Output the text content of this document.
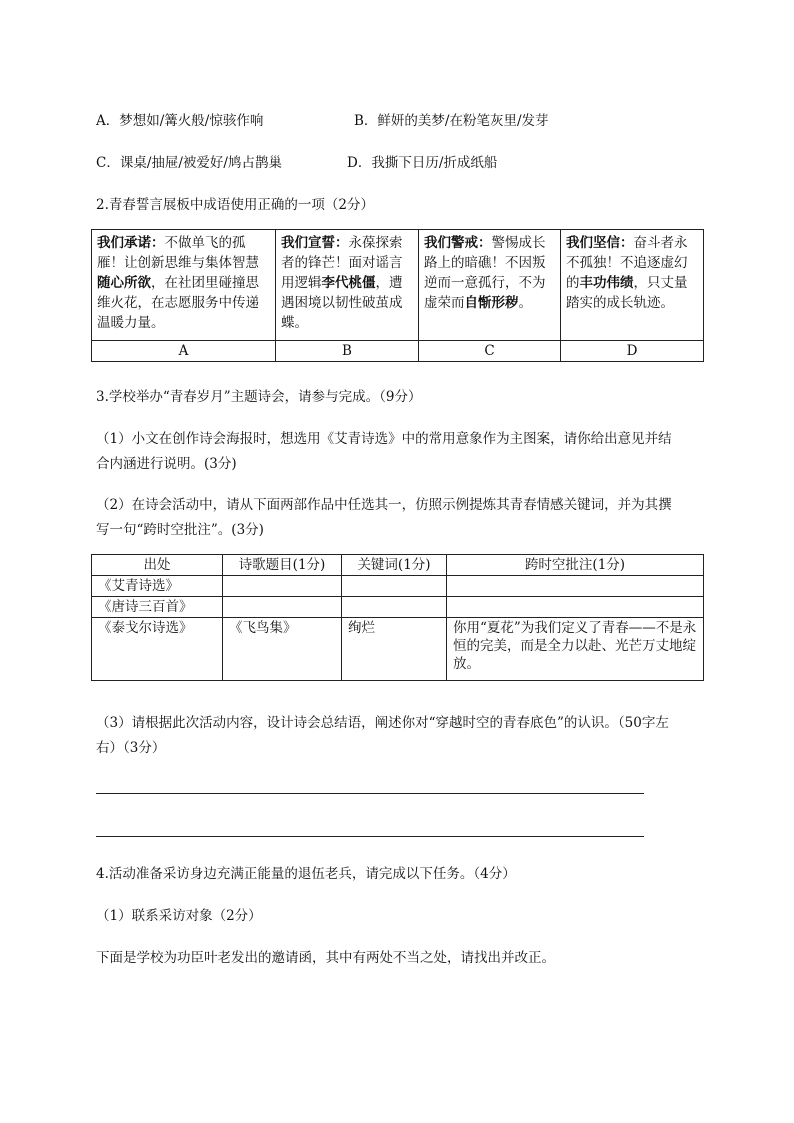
A．梦想如/篝火般/惊骇作响	B．鲜妍的美梦/在粉笔灰里/发芽
C．课桌/抽屉/被爱好/鸠占鹊巢	D．我撕下日历/折成纸船
2.青春誓言展板中成语使用正确的一项（2分）
我们承诺：不做单飞的孤雁！让创新思维与集体智慧随心所欲，在社团里碰撞思维火花，在志愿服务中传递温暖力量。	我们宣誓：永葆探索者的锋芒！面对谣言用逻辑李代桃僵，遭遇困境以韧性破茧成蝶。	我们警戒：警惕成长路上的暗礁！不因叛逆而一意孤行，不为虚荣而自惭形秽。	我们坚信：奋斗者永不孤独！不追逐虚幻的丰功伟绩，只丈量踏实的成长轨迹。
A	B	C	D
3.学校举办“青春岁月”主题诗会，请参与完成。（9分）
（1）小文在创作诗会海报时，想选用《艾青诗选》中的常用意象作为主图案，请你给出意见并结
合内涵进行说明。(3分)
（2）在诗会活动中，请从下面两部作品中任选其一，仿照示例提炼其青春情感关键词，并为其撰
写一句“跨时空批注”。(3分)
出处	诗歌题目(1分)	关键词(1分)	跨时空批注(1分)
《艾青诗选》			
《唐诗三百首》			
《泰戈尔诗选》	《飞鸟集》	绚烂	你用“夏花”为我们定义了青春——不是永恒的完美，而是全力以赴、光芒万丈地绽放。
（3）请根据此次活动内容，设计诗会总结语，阐述你对“穿越时空的青春底色”的认识。（50字左
右）（3分）
4.活动准备采访身边充满正能量的退伍老兵，请完成以下任务。（4分）
（1）联系采访对象（2分）
下面是学校为功臣叶老发出的邀请函，其中有两处不当之处，请找出并改正。
